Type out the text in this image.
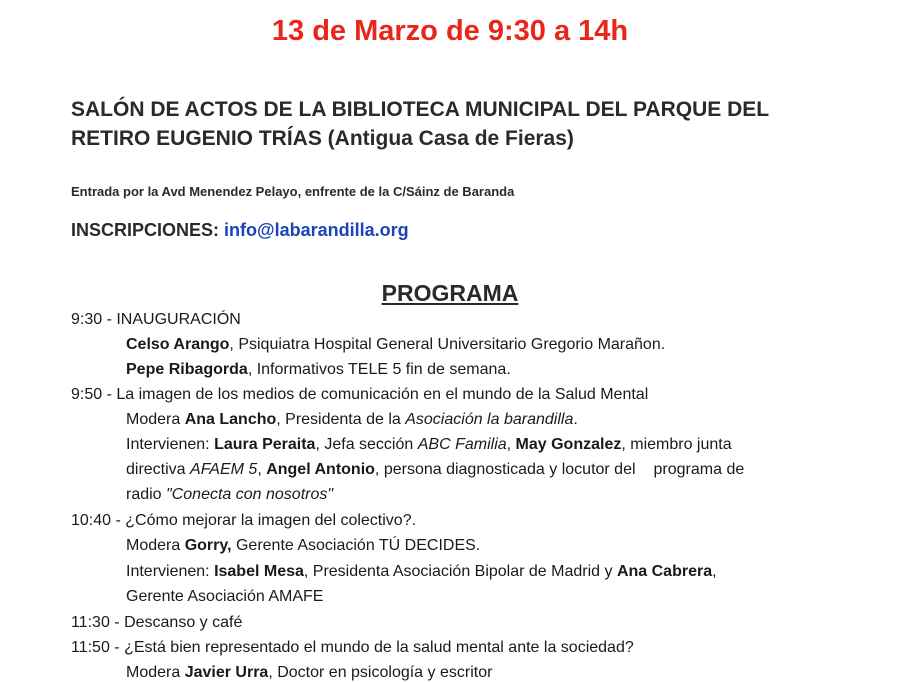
13 de Marzo de 9:30 a 14h
SALÓN DE ACTOS DE LA BIBLIOTECA MUNICIPAL DEL PARQUE DEL RETIRO EUGENIO TRÍAS (Antigua Casa de Fieras)
Entrada por la Avd Menendez Pelayo, enfrente de la C/Sáinz de Baranda
INSCRIPCIONES: info@labarandilla.org
PROGRAMA
9:30 - INAUGURACIÓN
Celso Arango, Psiquiatra Hospital General Universitario Gregorio Marañon.
Pepe Ribagorda, Informativos TELE 5 fin de semana.
9:50 - La imagen de los medios de comunicación en el mundo de la Salud Mental
Modera Ana Lancho, Presidenta de la Asociación la barandilla.
Intervienen: Laura Peraita, Jefa sección ABC Familia, May Gonzalez, miembro junta
directiva AFAEM 5, Angel Antonio, persona diagnosticada y locutor del programa de
radio "Conecta con nosotros"
10:40 - ¿Cómo mejorar la imagen del colectivo?.
Modera Gorry, Gerente Asociación TÚ DECIDES.
Intervienen: Isabel Mesa, Presidenta Asociación Bipolar de Madrid y Ana Cabrera,
Gerente Asociación AMAFE
11:30 - Descanso y café
11:50 - ¿Está bien representado el mundo de la salud mental ante la sociedad?
Modera Javier Urra, Doctor en psicología y escritor
